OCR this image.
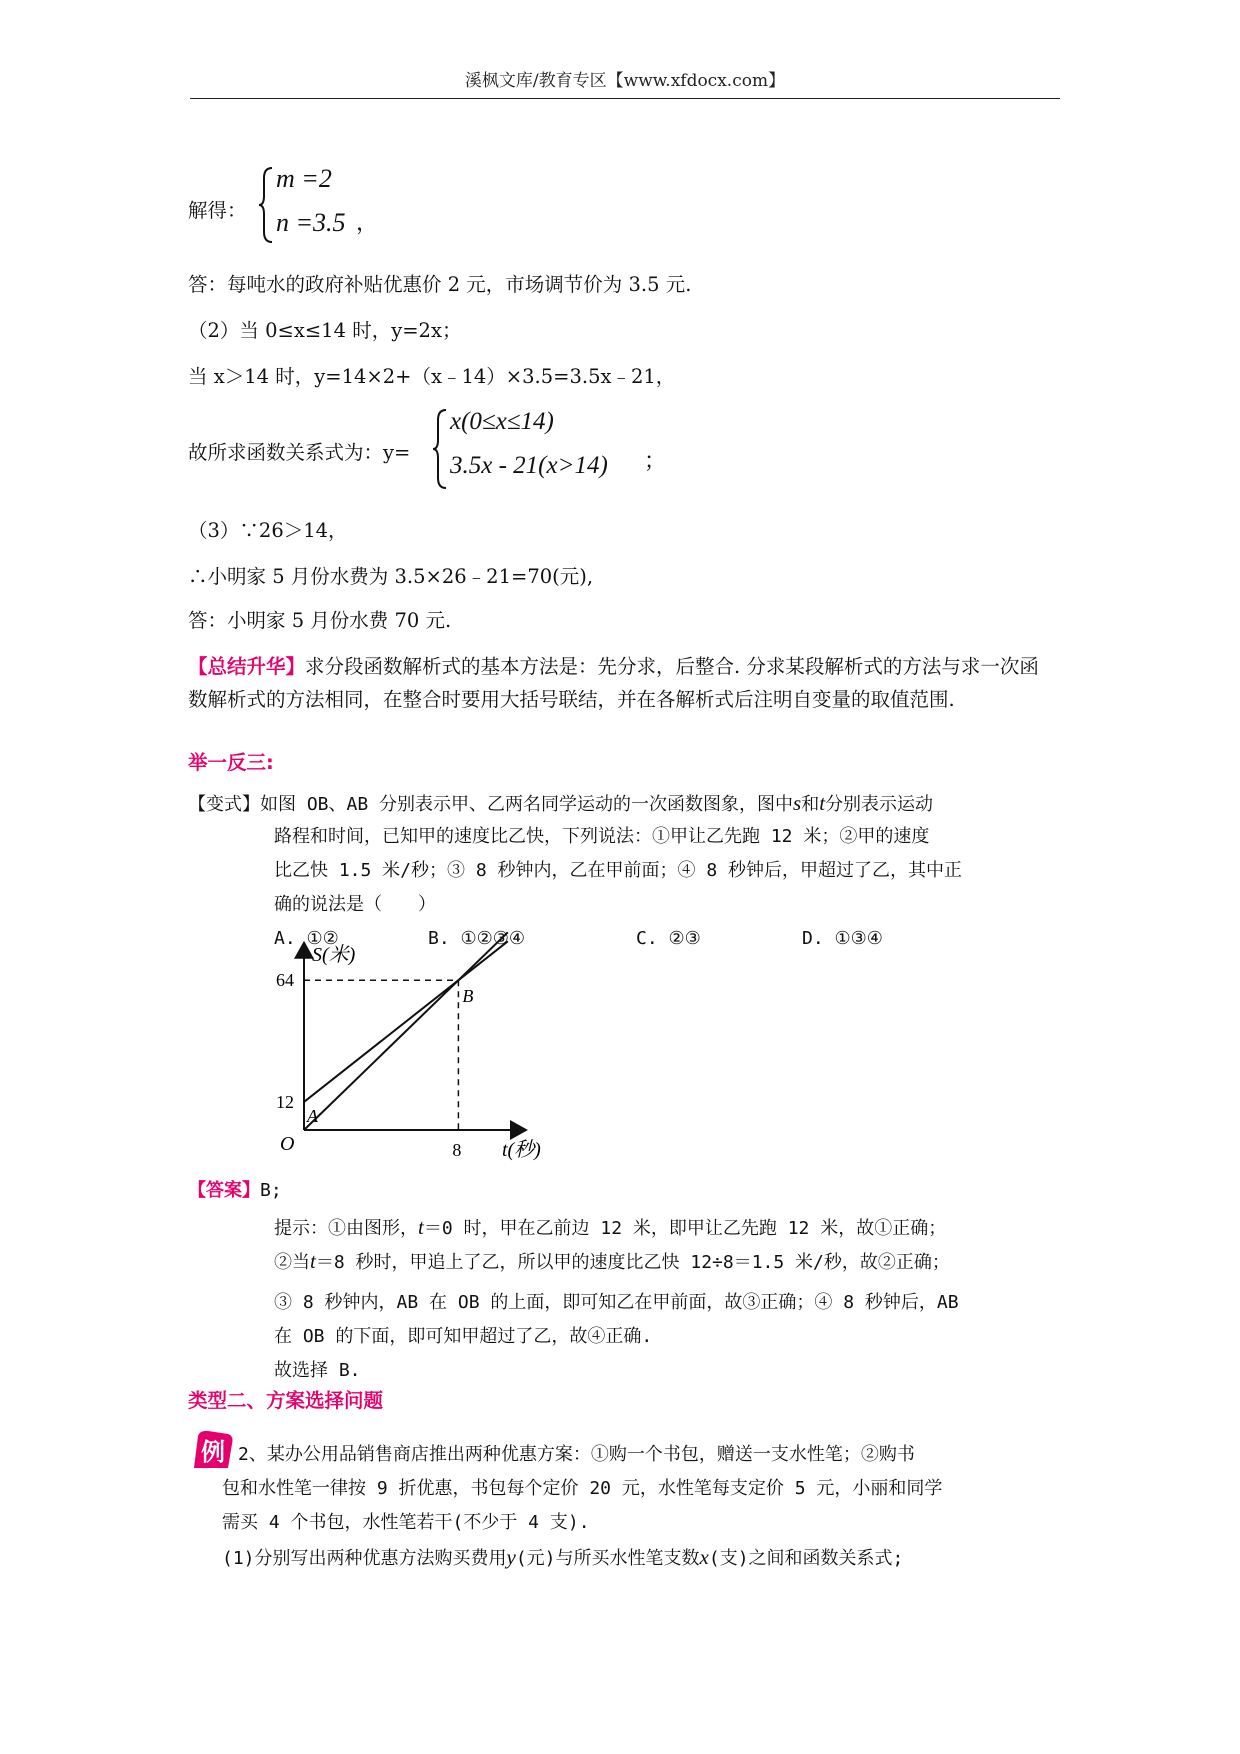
溪枫文库/教育专区【www.xfdocx.com】
解得：
m =2
n =3.5 ，
答：每吨水的政府补贴优惠价 2 元，市场调节价为 3.5 元.
（2）当 0≤x≤14 时，y=2x；
当 x＞14 时，y=14×2+（x﹣14）×3.5=3.5x﹣21，
故所求函数关系式为：y=
x(0≤x≤14)
3.5x - 21(x>14) ；
（3）∵26＞14，
∴小明家 5 月份水费为 3.5×26﹣21=70(元),
答：小明家 5 月份水费 70 元.
【总结升华】求分段函数解析式的基本方法是：先分求，后整合. 分求某段解析式的方法与求一次函数解析式的方法相同，在整合时要用大括号联结，并在各解析式后注明自变量的取值范围.
举一反三:
【变式】如图 OB、AB 分别表示甲、乙两名同学运动的一次函数图象，图中s和t分别表示运动
路程和时间，已知甲的速度比乙快，下列说法：①甲让乙先跑 12 米；②甲的速度
比乙快 1.5 米/秒；③ 8 秒钟内，乙在甲前面；④ 8 秒钟后，甲超过了乙，其中正
确的说法是（　　）
A. ①②	B. ①②③④	C. ②③	D. ①③④
S(米)
t(秒)
O
64
12
8
A
B
【答案】B;
提示：①由图形，t＝0 时，甲在乙前边 12 米，即甲让乙先跑 12 米，故①正确；
②当t＝8 秒时，甲追上了乙，所以甲的速度比乙快 12÷8＝1.5 米/秒，故②正确；
③ 8 秒钟内，AB 在 OB 的上面，即可知乙在甲前面，故③正确；④ 8 秒钟后，AB
在 OB 的下面，即可知甲超过了乙，故④正确.
故选择 B.
类型二、方案选择问题
例 2、某办公用品销售商店推出两种优惠方案：①购一个书包，赠送一支水性笔；②购书
包和水性笔一律按 9 折优惠，书包每个定价 20 元，水性笔每支定价 5 元，小丽和同学
需买 4 个书包，水性笔若干(不少于 4 支).
(1)分别写出两种优惠方法购买费用y(元)与所买水性笔支数x(支)之间和函数关系式;
